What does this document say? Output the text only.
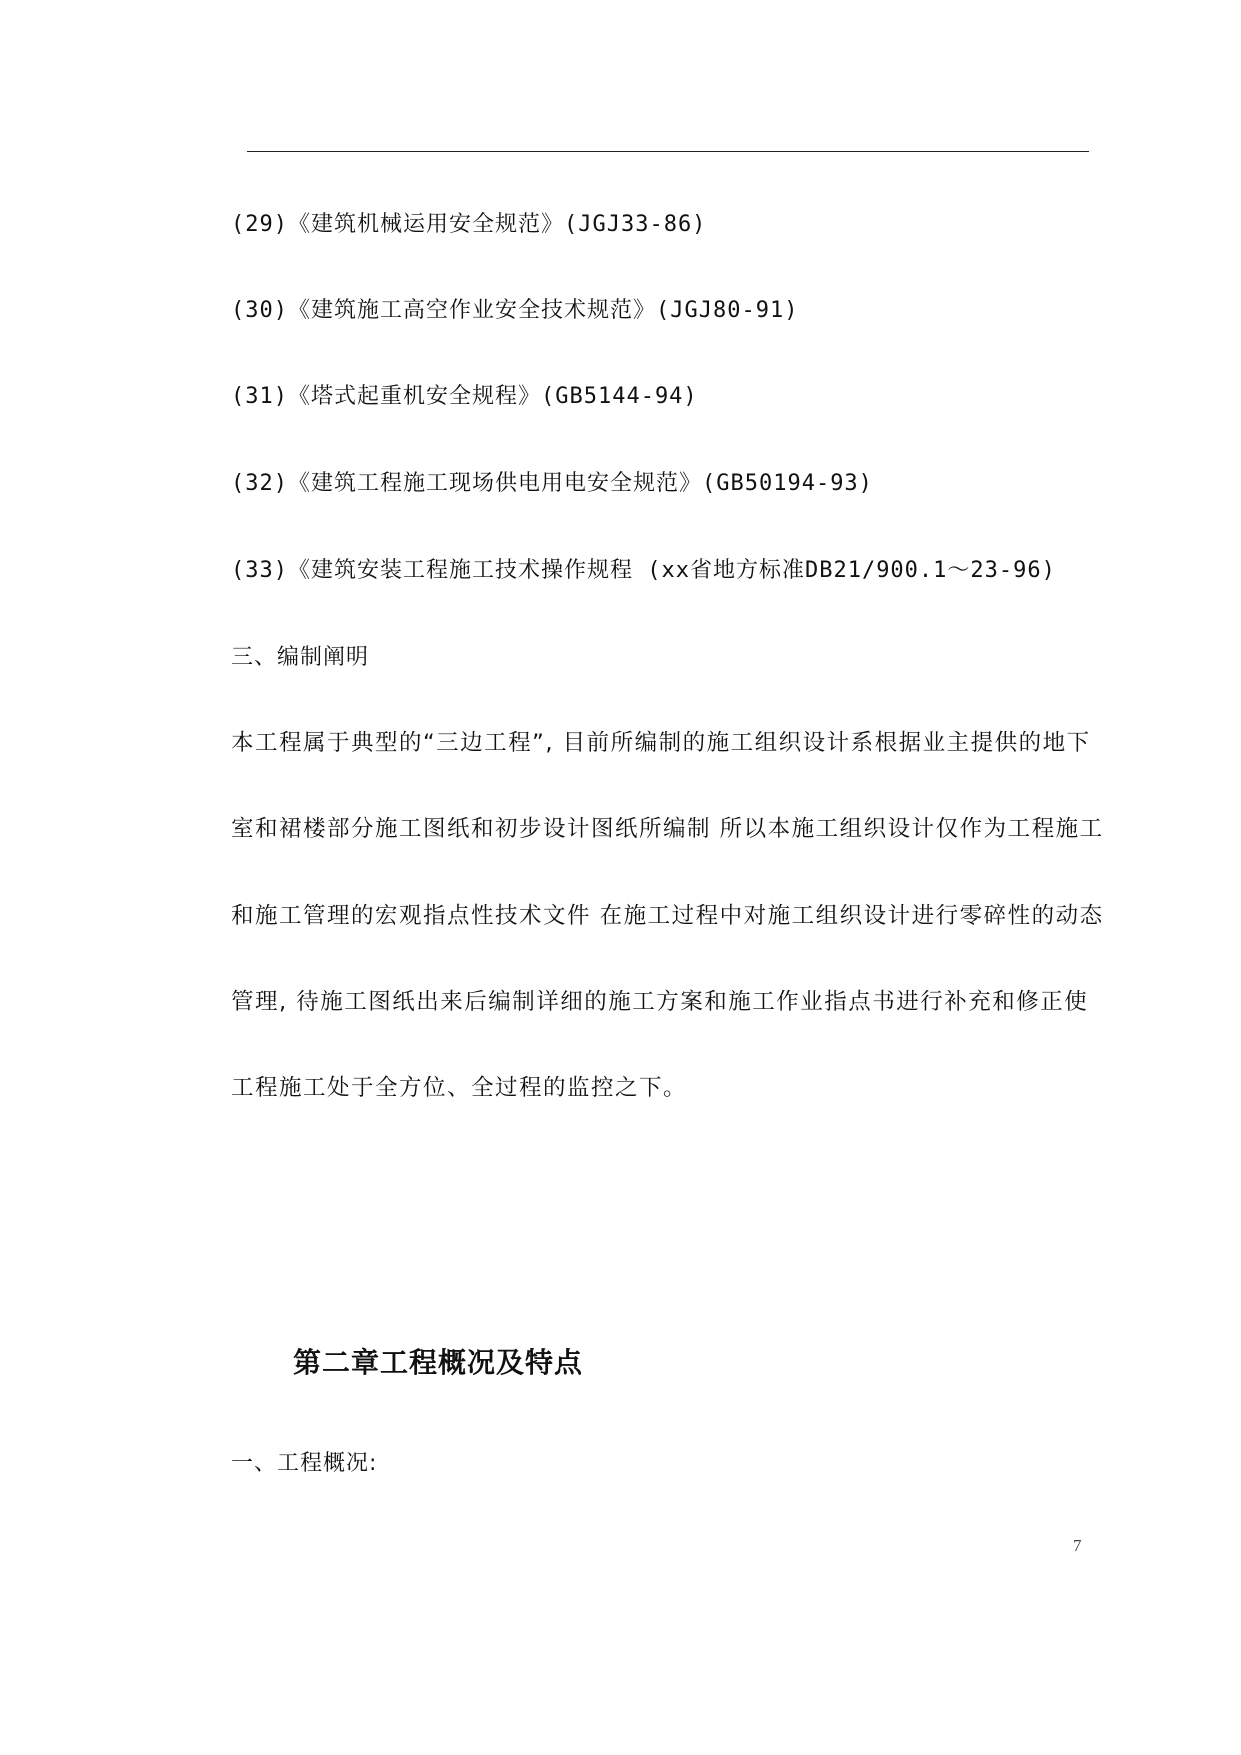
(29)《建筑机械运用安全规范》(JGJ33-86)
(30)《建筑施工高空作业安全技术规范》(JGJ80-91)
(31)《塔式起重机安全规程》(GB5144-94)
(32)《建筑工程施工现场供电用电安全规范》(GB50194-93)
(33)《建筑安装工程施工技术操作规程 (xx省地方标准DB21/900.1～23-96)
三、编制阐明
本工程属于典型的“三边工程”, 目前所编制的施工组织设计系根据业主提供的地下
室和裙楼部分施工图纸和初步设计图纸所编制 所以本施工组织设计仅作为工程施工
和施工管理的宏观指点性技术文件 在施工过程中对施工组织设计进行零碎性的动态
管理, 待施工图纸出来后编制详细的施工方案和施工作业指点书进行补充和修正使
工程施工处于全方位、全过程的监控之下。
第二章工程概况及特点
一、工程概况:
7
